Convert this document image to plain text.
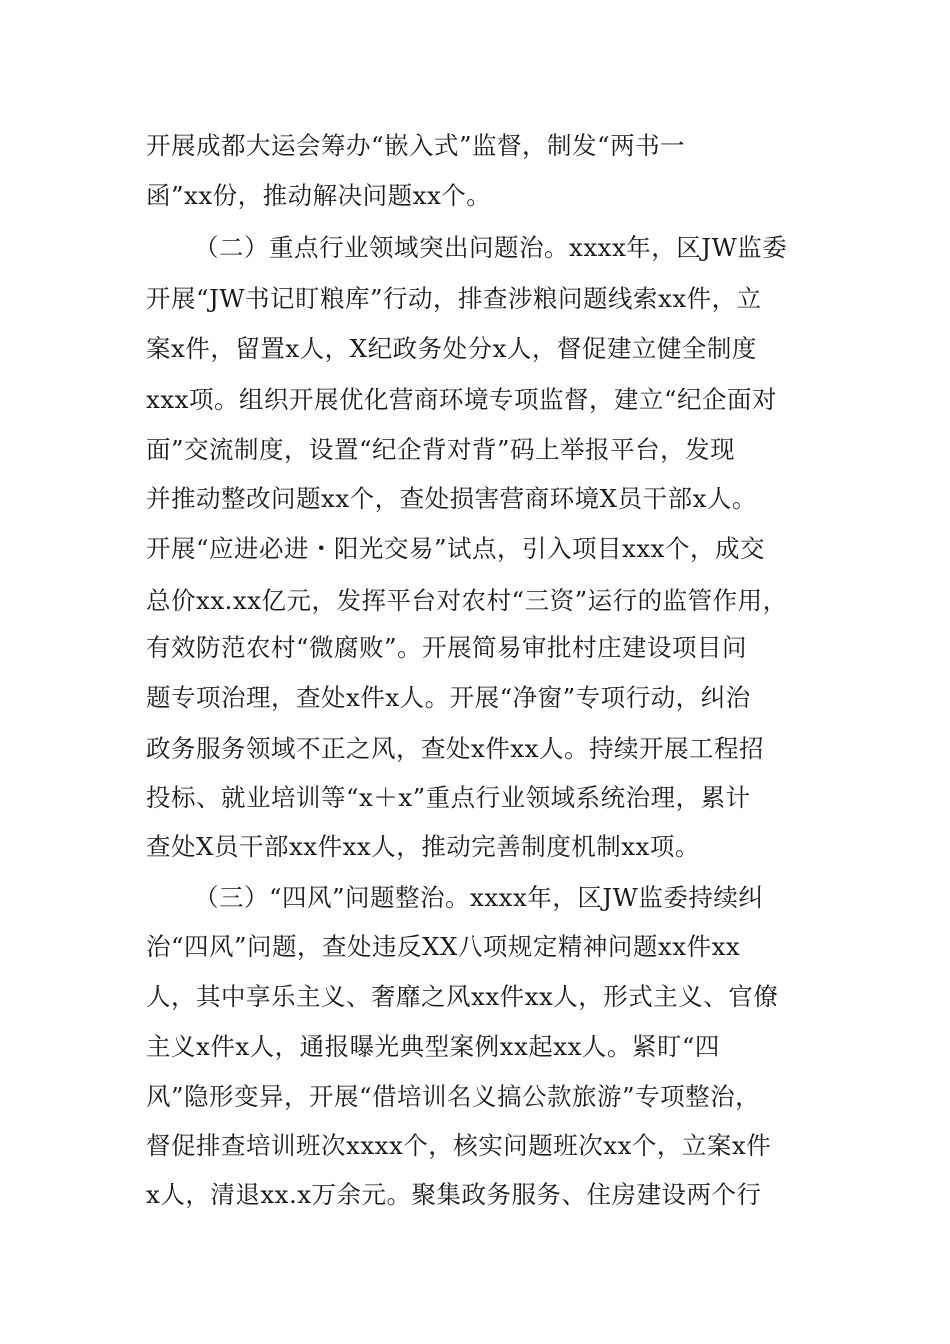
开展成都大运会筹办“嵌入式”监督，制发“两书一
函”xx份，推动解决问题xx个。
（二）重点行业领域突出问题治。xxxx年，区JW监委
开展“JW书记盯粮库”行动，排查涉粮问题线索xx件，立
案x件，留置x人，X纪政务处分x人，督促建立健全制度
xxx项。组织开展优化营商环境专项监督，建立“纪企面对
面”交流制度，设置“纪企背对背”码上举报平台，发现
并推动整改问题xx个，查处损害营商环境X员干部x人。
开展“应进必进・阳光交易”试点，引入项目xxx个，成交
总价xx.xx亿元，发挥平台对农村“三资”运行的监管作用，
有效防范农村“微腐败”。开展简易审批村庄建设项目问
题专项治理，查处x件x人。开展“净窗”专项行动，纠治
政务服务领域不正之风，查处x件xx人。持续开展工程招
投标、就业培训等“x＋x”重点行业领域系统治理，累计
查处X员干部xx件xx人，推动完善制度机制xx项。
（三）“四风”问题整治。xxxx年，区JW监委持续纠
治“四风”问题，查处违反XX八项规定精神问题xx件xx
人，其中享乐主义、奢靡之风xx件xx人，形式主义、官僚
主义x件x人，通报曝光典型案例xx起xx人。紧盯“四
风”隐形变异，开展“借培训名义搞公款旅游”专项整治，
督促排查培训班次xxxx个，核实问题班次xx个，立案x件
x人，清退xx.x万余元。聚集政务服务、住房建设两个行
